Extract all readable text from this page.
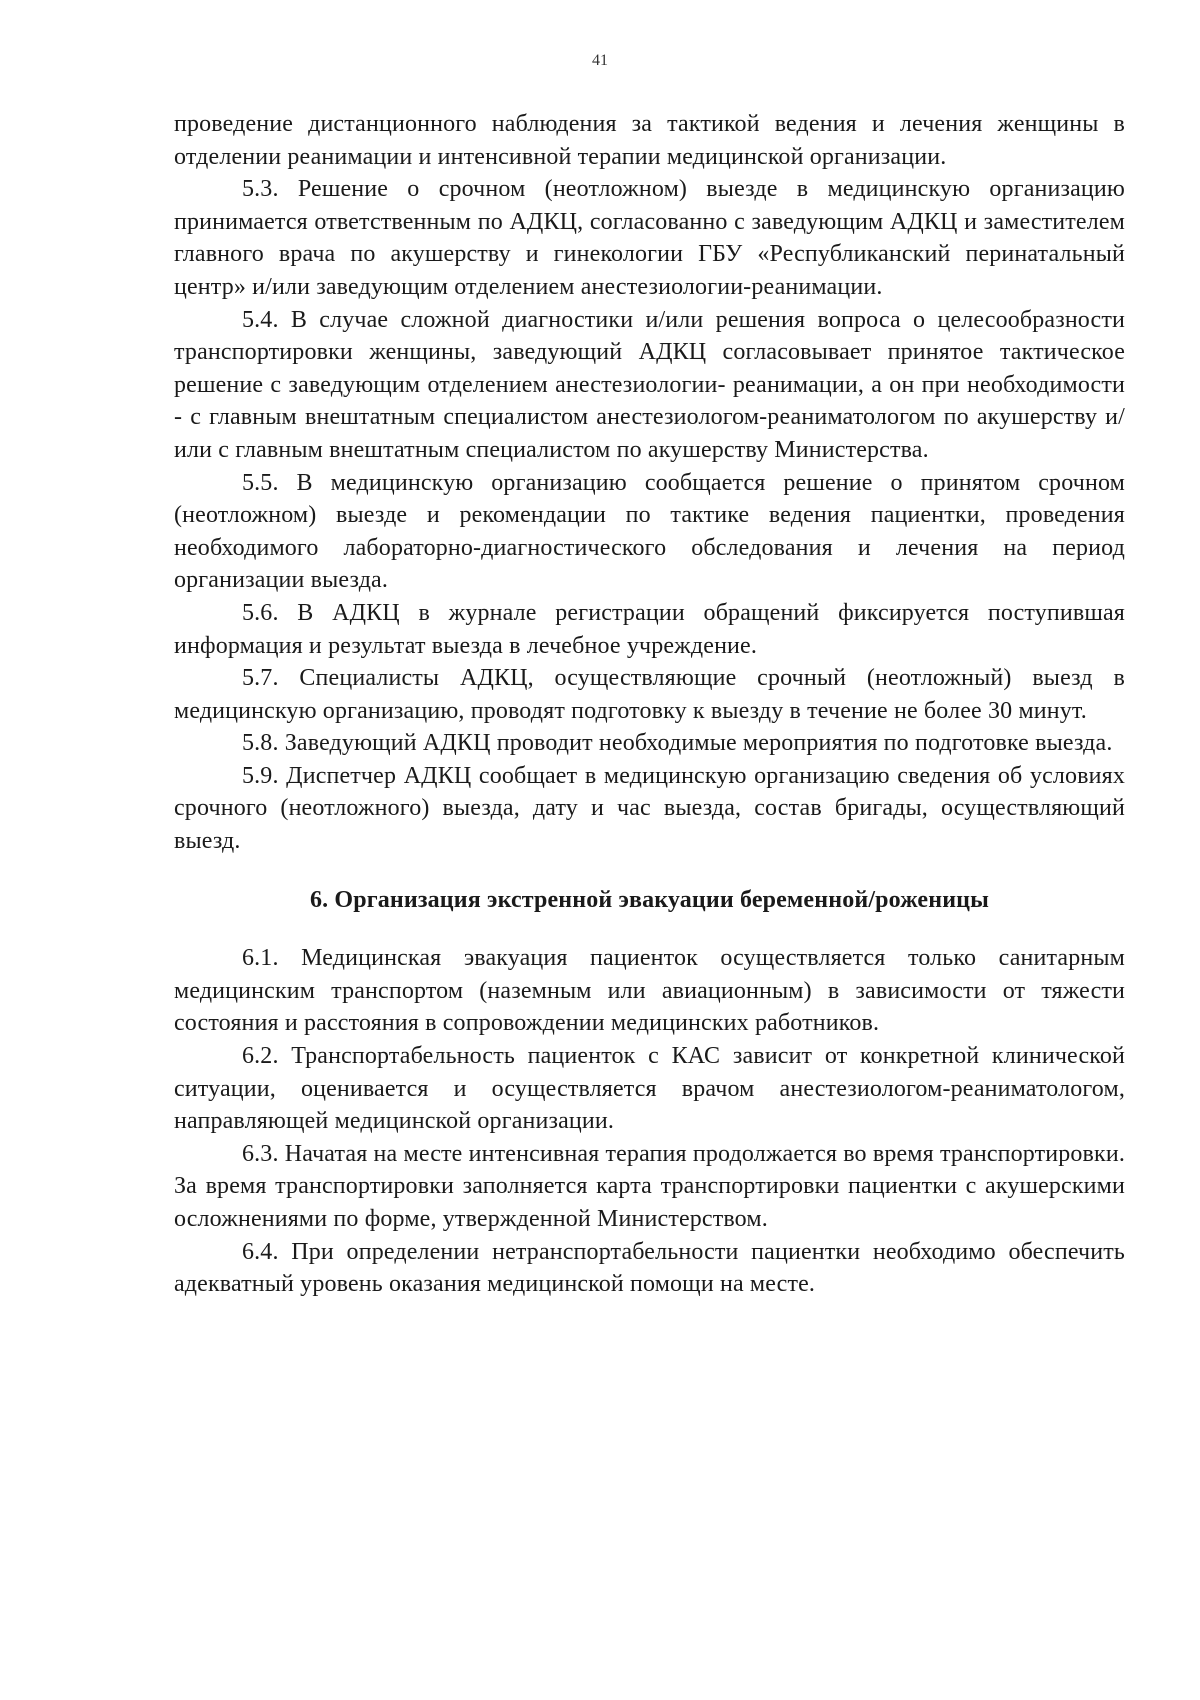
41

проведение дистанционного наблюдения за тактикой ведения и лечения женщины в отделении реанимации и интенсивной терапии медицинской организации.

5.3. Решение о срочном (неотложном) выезде в медицинскую организацию принимается ответственным по АДКЦ, согласованно с заведующим АДКЦ и заместителем главного врача по акушерству и гинекологии ГБУ «Республиканский перинатальный центр» и/или заведующим отделением анестезиологии-реанимации.

5.4. В случае сложной диагностики и/или решения вопроса о целесообразности транспортировки женщины, заведующий АДКЦ согласовывает принятое тактическое решение с заведующим отделением анестезиологии- реанимации, а он при необходимости - с главным внештатным специалистом анестезиологом-реаниматологом по акушерству и/или с главным внештатным специалистом по акушерству Министерства.

5.5. В медицинскую организацию сообщается решение о принятом срочном (неотложном) выезде и рекомендации по тактике ведения пациентки, проведения необходимого лабораторно-диагностического обследования и лечения на период организации выезда.

5.6. В АДКЦ в журнале регистрации обращений фиксируется поступившая информация и результат выезда в лечебное учреждение.

5.7. Специалисты АДКЦ, осуществляющие срочный (неотложный) выезд в медицинскую организацию, проводят подготовку к выезду в течение не более 30 минут.

5.8. Заведующий АДКЦ проводит необходимые мероприятия по подготовке выезда.

5.9. Диспетчер АДКЦ сообщает в медицинскую организацию сведения об условиях срочного (неотложного) выезда, дату и час выезда, состав бригады, осуществляющий выезд.

6. Организация экстренной эвакуации беременной/роженицы

6.1. Медицинская эвакуация пациенток осуществляется только санитарным медицинским транспортом (наземным или авиационным) в зависимости от тяжести состояния и расстояния в сопровождении медицинских работников.

6.2. Транспортабельность пациенток с КАС зависит от конкретной клинической ситуации, оценивается и осуществляется врачом анестезиологом-реаниматологом, направляющей медицинской организации.

6.3. Начатая на месте интенсивная терапия продолжается во время транспортировки. За время транспортировки заполняется карта транспортировки пациентки с акушерскими осложнениями по форме, утвержденной Министерством.

6.4. При определении нетранспортабельности пациентки необходимо обеспечить адекватный уровень оказания медицинской помощи на месте.
